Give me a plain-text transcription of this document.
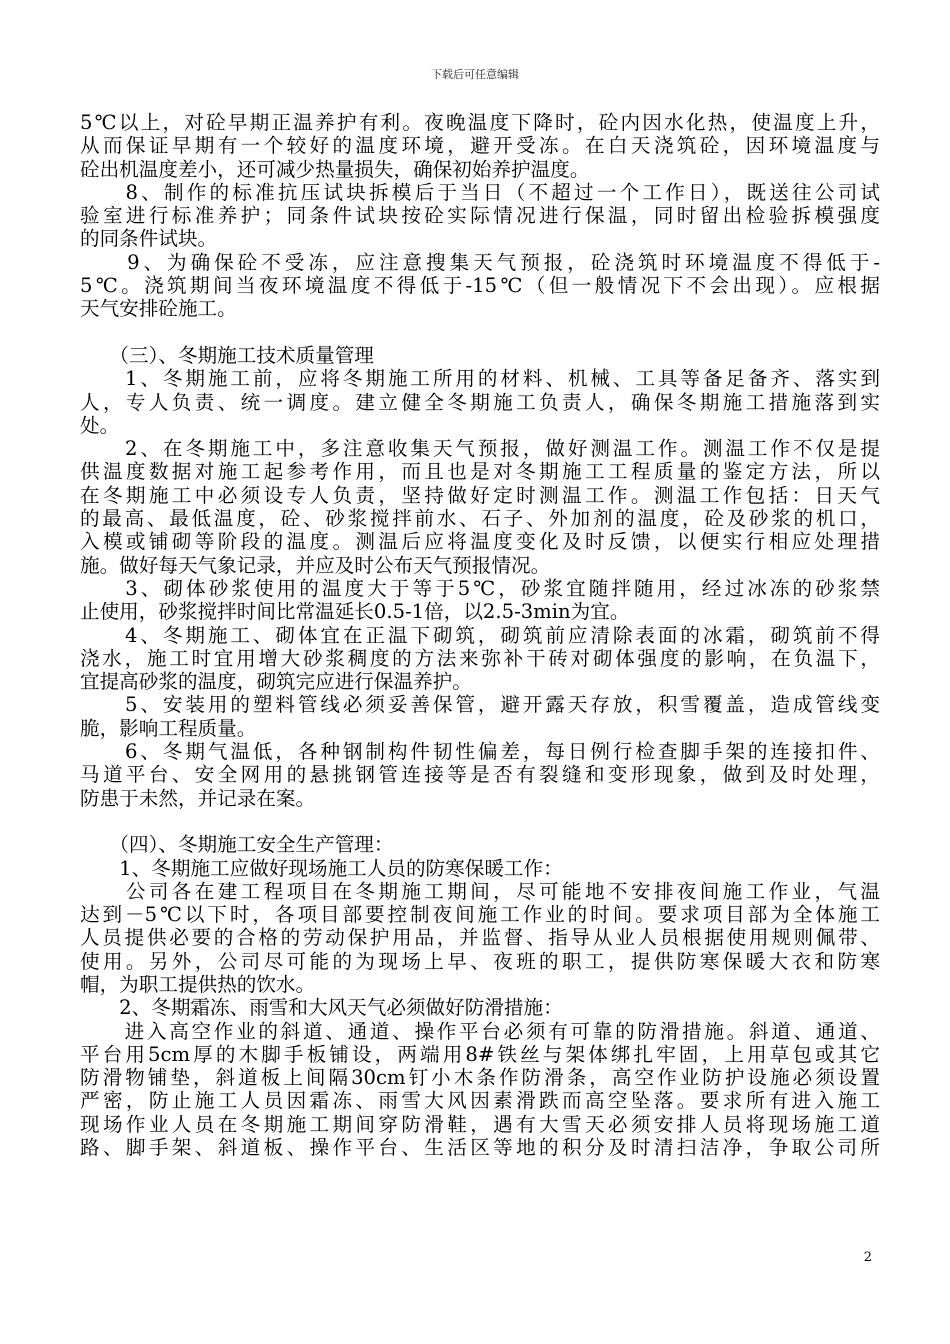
下载后可任意编辑
5℃以上，对砼早期正温养护有利。夜晚温度下降时，砼内因水化热，使温度上升，
从而保证早期有一个较好的温度环境，避开受冻。在白天浇筑砼，因环境温度与
砼出机温度差小，还可减少热量损失，确保初始养护温度。
　　8、制作的标准抗压试块拆模后于当日（不超过一个工作日），既送往公司试
验室进行标准养护；同条件试块按砼实际情况进行保温，同时留出检验拆模强度
的同条件试块。
　　9、为确保砼不受冻，应注意搜集天气预报，砼浇筑时环境温度不得低于-
5℃。浇筑期间当夜环境温度不得低于-15℃（但一般情况下不会出现）。应根据
天气安排砼施工。
　　（三）、冬期施工技术质量管理
　　1、冬期施工前，应将冬期施工所用的材料、机械、工具等备足备齐、落实到
人，专人负责、统一调度。建立健全冬期施工负责人，确保冬期施工措施落到实
处。
　　2、在冬期施工中，多注意收集天气预报，做好测温工作。测温工作不仅是提
供温度数据对施工起参考作用，而且也是对冬期施工工程质量的鉴定方法，所以
在冬期施工中必须设专人负责，坚持做好定时测温工作。测温工作包括：日天气
的最高、最低温度，砼、砂浆搅拌前水、石子、外加剂的温度，砼及砂浆的机口，
入模或铺砌等阶段的温度。测温后应将温度变化及时反馈，以便实行相应处理措
施。做好每天气象记录，并应及时公布天气预报情况。
　　3、砌体砂浆使用的温度大于等于5℃，砂浆宜随拌随用，经过冰冻的砂浆禁
止使用，砂浆搅拌时间比常温延长0.5-1倍，以2.5-3min为宜。
　　4、冬期施工、砌体宜在正温下砌筑，砌筑前应清除表面的冰霜，砌筑前不得
浇水，施工时宜用增大砂浆稠度的方法来弥补干砖对砌体强度的影响，在负温下，
宜提高砂浆的温度，砌筑完应进行保温养护。
　　5、安装用的塑料管线必须妥善保管，避开露天存放，积雪覆盖，造成管线变
脆，影响工程质量。
　　6、冬期气温低，各种钢制构件韧性偏差，每日例行检查脚手架的连接扣件、
马道平台、安全网用的悬挑钢管连接等是否有裂缝和变形现象，做到及时处理，
防患于未然，并记录在案。
　　（四）、冬期施工安全生产管理：
　　1、冬期施工应做好现场施工人员的防寒保暖工作：
　　公司各在建工程项目在冬期施工期间，尽可能地不安排夜间施工作业，气温
达到－5℃以下时，各项目部要控制夜间施工作业的时间。要求项目部为全体施工
人员提供必要的合格的劳动保护用品，并监督、指导从业人员根据使用规则佩带、
使用。另外，公司尽可能的为现场上早、夜班的职工，提供防寒保暖大衣和防寒
帽，为职工提供热的饮水。
　　2、冬期霜冻、雨雪和大风天气必须做好防滑措施：
　　进入高空作业的斜道、通道、操作平台必须有可靠的防滑措施。斜道、通道、
平台用5cm厚的木脚手板铺设，两端用8#铁丝与架体绑扎牢固，上用草包或其它
防滑物铺垫，斜道板上间隔30cm钉小木条作防滑条，高空作业防护设施必须设置
严密，防止施工人员因霜冻、雨雪大风因素滑跌而高空坠落。要求所有进入施工
现场作业人员在冬期施工期间穿防滑鞋，遇有大雪天必须安排人员将现场施工道
路、脚手架、斜道板、操作平台、生活区等地的积分及时清扫洁净，争取公司所
2
